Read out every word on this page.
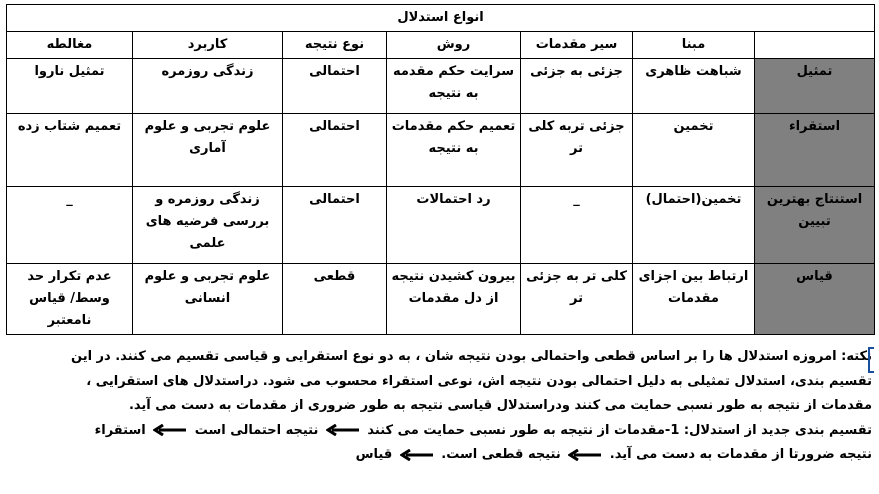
انواع استدلال						
	مبنا	سیر مقدمات	روش	نوع نتیجه	کاربرد	مغالطه
تمثیل	شباهت ظاهری	جزئی به جزئی	سرایت حکم مقدمه به نتیجه	احتمالی	زندگی روزمره	تمثیل ناروا
استقراء	تخمین	جزئی تربه کلی تر	تعمیم حکم مقدمات به نتیجه	احتمالی	علوم تجربی و علوم آماری	تعمیم شتاب زده
استنتاج بهترین تبیین	تخمین(احتمال)	_	رد احتمالات	احتمالی	زندگی روزمره و بررسی فرضیه های علمی	_
قیاس	ارتباط بین اجزای مقدمات	کلی تر به جزئی تر	بیرون کشیدن نتیجه از دل مقدمات	قطعی	علوم تجربی و علوم انسانی	عدم تکرار حد وسط/ قیاس نامعتبر

نکته: امروزه استدلال ها را بر اساس قطعی واحتمالی بودن نتیجه شان ، به دو نوع استقرایی و قیاسی تقسیم می کنند. در این

تقسیم بندی، استدلال تمثیلی به دلیل احتمالی بودن نتیجه اش، نوعی استقراء محسوب می شود. دراستدلال های استقرایی ،

مقدمات از نتیجه به طور نسبی حمایت می کنند ودراستدلال قیاسی نتیجه به طور ضروری از مقدمات به دست می آید.

تقسیم بندی جدید از استدلال: 1-مقدمات از نتیجه به طور نسبی حمایت می کنند  نتیجه احتمالی است  استقراء

نتیجه ضرورتا از مقدمات به دست می آید.  نتیجه قطعی است.  قیاس
